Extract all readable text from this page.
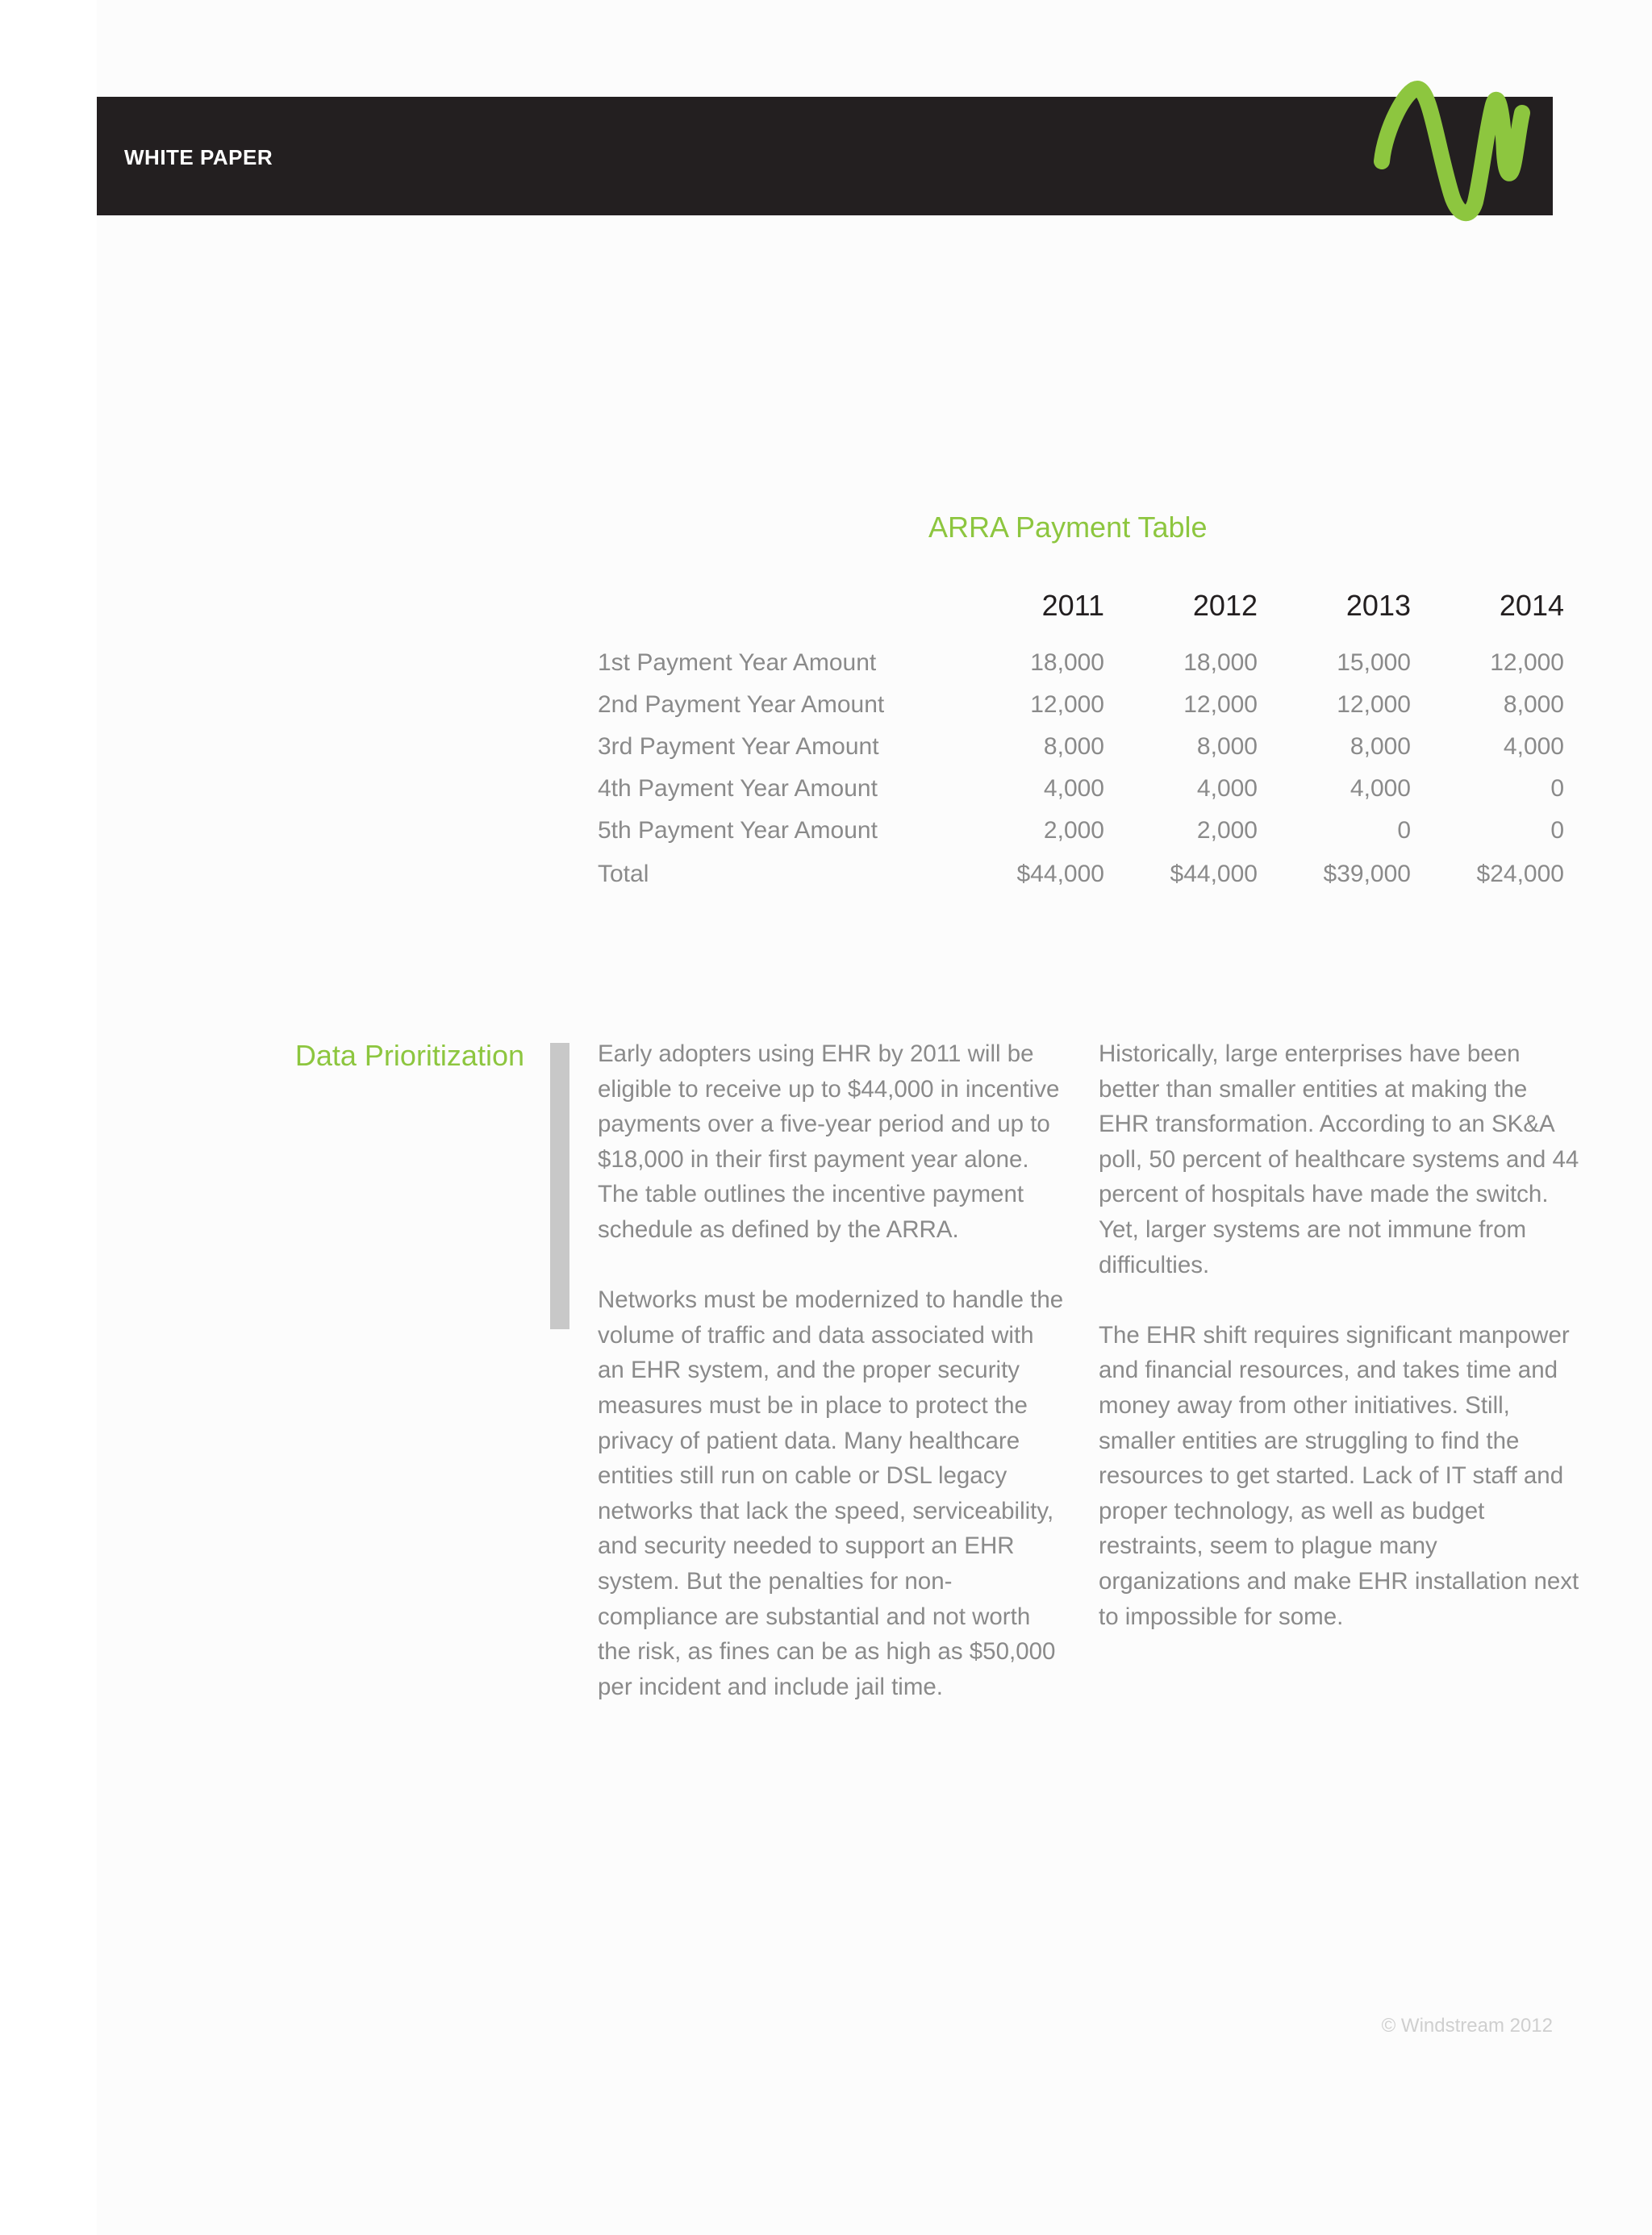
WHITE PAPER
ARRA Payment Table
	2011	2012	2013	2014
1st Payment Year Amount	18,000	18,000	15,000	12,000
2nd Payment Year Amount	12,000	12,000	12,000	8,000
3rd Payment Year Amount	8,000	8,000	8,000	4,000
4th Payment Year Amount	4,000	4,000	4,000	0
5th Payment Year Amount	2,000	2,000	0	0
Total	$44,000	$44,000	$39,000	$24,000
Data Prioritization	Early adopters using EHR by 2011 will be eligible to receive up to $44,000 in incentive payments over a five-year period and up to $18,000 in their first payment year alone. The table outlines the incentive payment schedule as defined by the ARRA.

Networks must be modernized to handle the volume of traffic and data associated with an EHR system, and the proper security measures must be in place to protect the privacy of patient data. Many healthcare entities still run on cable or DSL legacy networks that lack the speed, serviceability, and security needed to support an EHR system. But the penalties for non-compliance are substantial and not worth the risk, as fines can be as high as $50,000 per incident and include jail time.

Historically, large enterprises have been better than smaller entities at making the EHR transformation. According to an SK&A poll, 50 percent of healthcare systems and 44 percent of hospitals have made the switch. Yet, larger systems are not immune from difficulties.

The EHR shift requires significant manpower and financial resources, and takes time and money away from other initiatives. Still, smaller entities are struggling to find the resources to get started. Lack of IT staff and proper technology, as well as budget restraints, seem to plague many organizations and make EHR installation next to impossible for some.

© Windstream 2012
